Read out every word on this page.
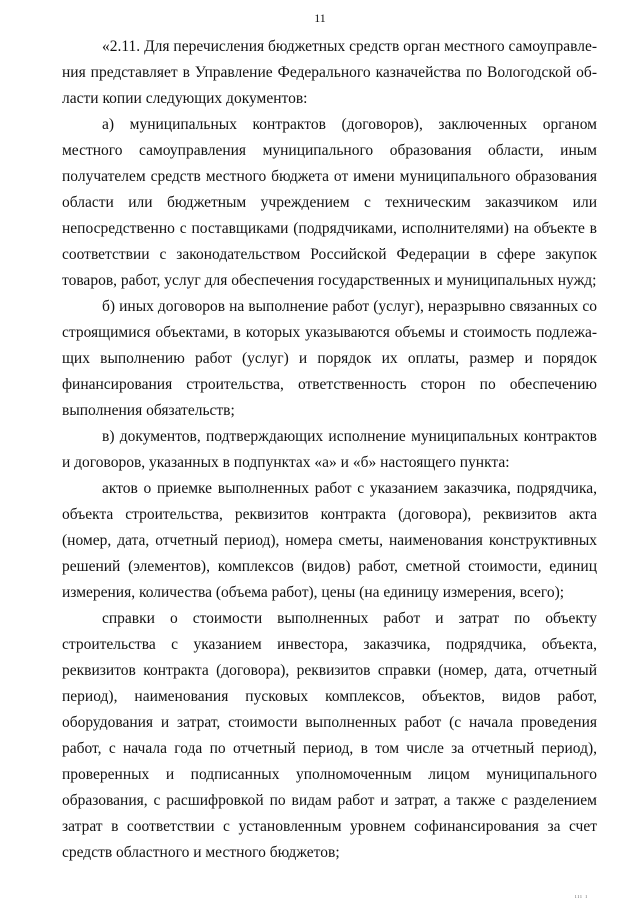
11

«2.11. Для перечисления бюджетных средств орган местного самоуправления представляет в Управление Федерального казначейства по Вологодской области копии следующих документов:

а) муниципальных контрактов (договоров), заключенных органом местного самоуправления муниципального образования области, иным получателем средств местного бюджета от имени муниципального образования области или бюджетным учреждением с техническим заказчиком или непосредственно с поставщиками (подрядчиками, исполнителями) на объекте в соответствии с законодательством Российской Федерации в сфере закупок товаров, работ, услуг для обеспечения государственных и муниципальных нужд;

б) иных договоров на выполнение работ (услуг), неразрывно связанных со строящимися объектами, в которых указываются объемы и стоимость подлежащих выполнению работ (услуг) и порядок их оплаты, размер и порядок финансирования строительства, ответственность сторон по обеспечению выполнения обязательств;

в) документов, подтверждающих исполнение муниципальных контрактов и договоров, указанных в подпунктах «а» и «б» настоящего пункта:

актов о приемке выполненных работ с указанием заказчика, подрядчика, объекта строительства, реквизитов контракта (договора), реквизитов акта (номер, дата, отчетный период), номера сметы, наименования конструктивных решений (элементов), комплексов (видов) работ, сметной стоимости, единиц измерения, количества (объема работ), цены (на единицу измерения, всего);

справки о стоимости выполненных работ и затрат по объекту строительства с указанием инвестора, заказчика, подрядчика, объекта, реквизитов контракта (договора), реквизитов справки (номер, дата, отчетный период), наименования пусковых комплексов, объектов, видов работ, оборудования и затрат, стоимости выполненных работ (с начала проведения работ, с начала года по отчетный период, в том числе за отчетный период), проверенных и подписанных уполномоченным лицом муниципального образования, с расшифровкой по видам работ и затрат, а также с разделением затрат в соответствии с установленным уровнем софинансирования за счет средств областного и местного бюджетов;

ııı ı
